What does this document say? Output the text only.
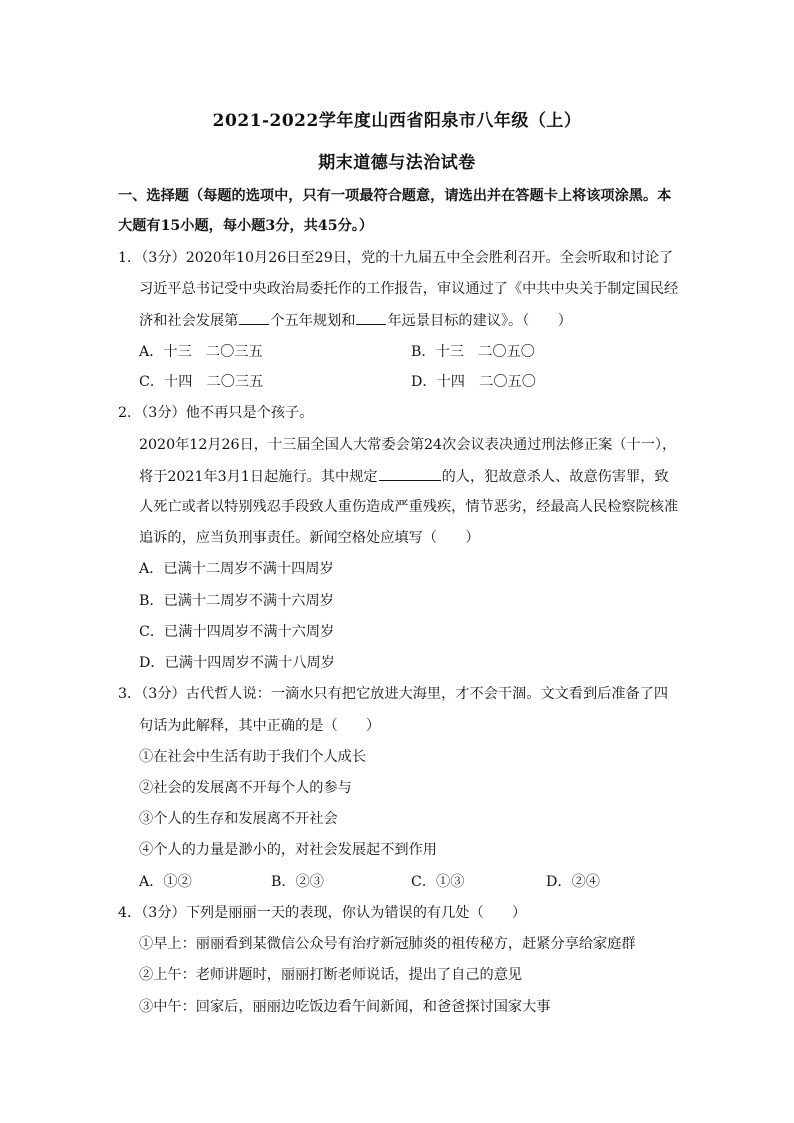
2021-2022学年度山西省阳泉市八年级（上）
期末道德与法治试卷
一、选择题（每题的选项中，只有一项最符合题意，请选出并在答题卡上将该项涂黑。本
大题有15小题，每小题3分，共45分。）
1．（3分）2020年10月26日至29日，党的十九届五中全会胜利召开。全会听取和讨论了
习近平总书记受中央政治局委托作的工作报告，审议通过了《中共中央关于制定国民经
济和社会发展第 个五年规划和 年远景目标的建议》。（　　）
A．十三　二〇三五	B．十三　二〇五〇
C．十四　二〇三五	D．十四　二〇五〇
2．（3分）他不再只是个孩子。
2020年12月26日，十三届全国人大常委会第24次会议表决通过刑法修正案（十一），
将于2021年3月1日起施行。其中规定	的人，犯故意杀人、故意伤害罪，致
人死亡或者以特别残忍手段致人重伤造成严重残疾，情节恶劣，经最高人民检察院核准
追诉的，应当负刑事责任。新闻空格处应填写（　　）
A．已满十二周岁不满十四周岁
B．已满十二周岁不满十六周岁
C．已满十四周岁不满十六周岁
D．已满十四周岁不满十八周岁
3．（3分）古代哲人说：一滴水只有把它放进大海里，才不会干涸。文文看到后准备了四
句话为此解释，其中正确的是（　　）
①在社会中生活有助于我们个人成长
②社会的发展离不开每个人的参与
③个人的生存和发展离不开社会
④个人的力量是渺小的，对社会发展起不到作用
A．①②	B．②③	C．①③	D．②④
4．（3分）下列是丽丽一天的表现，你认为错误的有几处（　　）
①早上：丽丽看到某微信公众号有治疗新冠肺炎的祖传秘方，赶紧分享给家庭群
②上午：老师讲题时，丽丽打断老师说话，提出了自己的意见
③中午：回家后，丽丽边吃饭边看午间新闻，和爸爸探讨国家大事
